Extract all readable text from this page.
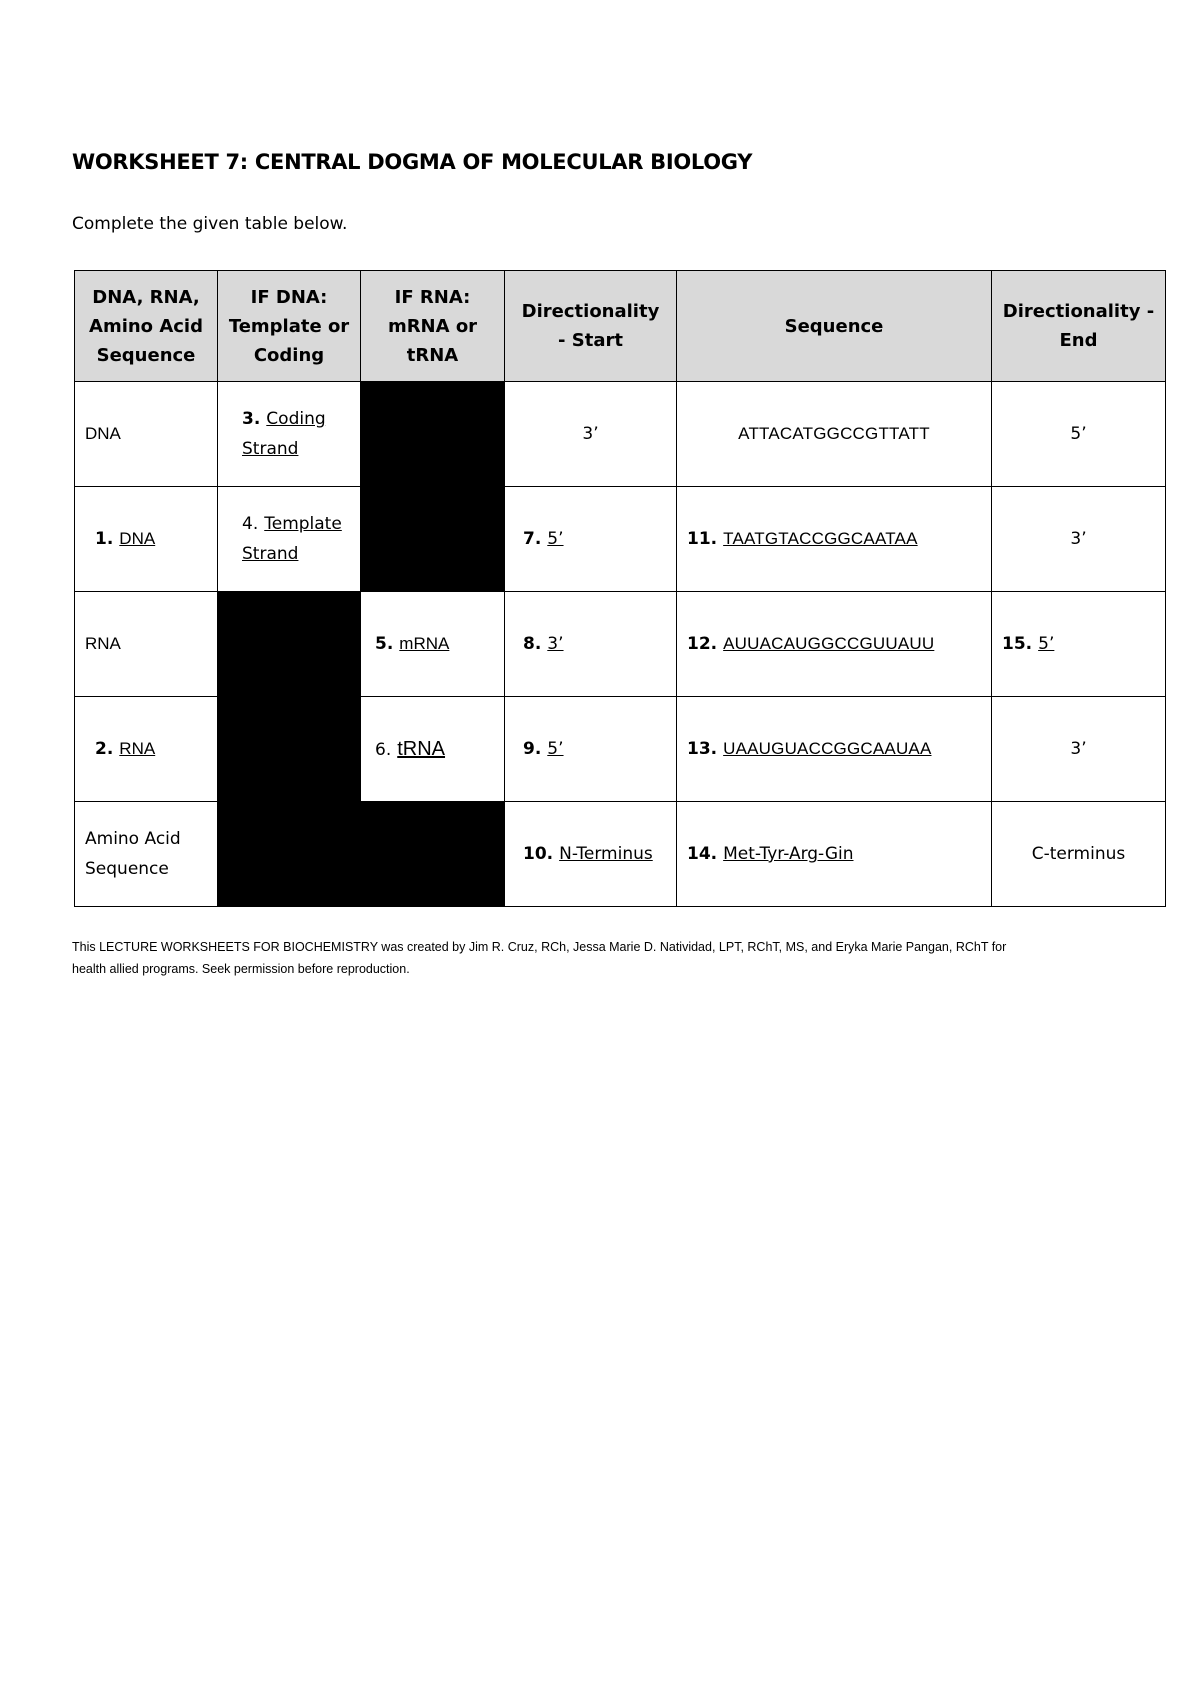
WORKSHEET 7: CENTRAL DOGMA OF MOLECULAR BIOLOGY

Complete the given table below.

DNA, RNA, Amino Acid Sequence	IF DNA: Template or Coding	IF RNA: mRNA or tRNA	Directionality - Start	Sequence	Directionality - End
DNA	3. Coding Strand		3’	ATTACATGGCCGTTATT	5’
1. DNA	4. Template Strand		7. 5’	11. TAATGTACCGGCAATAA	3’
RNA		5. mRNA	8. 3’	12. AUUACAUGGCCGUUAUU	15. 5’
2. RNA		6. tRNA	9. 5’	13. UAAUGUACCGGCAAUAA	3’

Amino Acid Sequence			10. N-Terminus	14. Met-Tyr-Arg-Gin	C-terminus

This LECTURE WORKSHEETS FOR BIOCHEMISTRY was created by Jim R. Cruz, RCh, Jessa Marie D. Natividad, LPT, RChT, MS, and Eryka Marie Pangan, RChT for health allied programs. Seek permission before reproduction.
